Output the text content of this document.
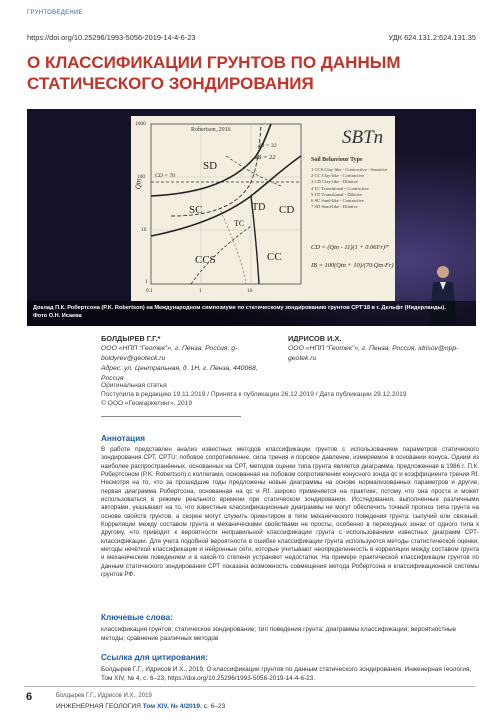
ГРУНТОВЕДЕНИЕ
https://doi.org/10.25296/1993-5056-2019-14-4-6-23	УДК 624.131.2:624.131.35
О КЛАССИФИКАЦИИ ГРУНТОВ ПО ДАННЫМ
СТАТИЧЕСКОГО ЗОНДИРОВАНИЯ
Robertson, 2016
IB = 32
IB = 22
CD = 70
Qtn
1000
100
10
1
0.1	1	10
SD
SC	TD
TC
CD
CCS	CC
SBTn
Soil Behaviour Type
1 CCS Clay-like - Contractive - Sensitive
2 CC Clay-like - Contractive
3 CD Clay-like - Dilative
4 TC Transitional - Contractive
5 TD Transitional - Dilative
6 SC Sand-like - Contractive
7 SD Sand-like - Dilative
CD = (Qtn - 11)(1 + 0.06Fr)¹⁷
IB = 100(Qtn + 10)/(70·Qtn·Fr)
Доклад П.К. Робертсона (P.K. Robertson) на Международном симпозиуме по статическому зондированию грунтов CPT'18 в г. Дельфт (Нидерланды).
Фото О.Н. Исаева
БОЛДЫРЕВ Г.Г.*
ООО «НПП “Геотек”», г. Пенза, Россия, g-boldyrev@geoteck.ru
Адрес: ул. Центральная, д. 1Н, г. Пенза, 440068, Россия
ИДРИСОВ И.Х.
ООО «НПП “Геотек”», г. Пенза, Россия, idrisov@npp-geotek.ru
Оригинальная статья
Поступила в редакцию 19.11.2019 / Принята к публикации 26.12.2019 / Дата публикации 29.12.2019
© ООО «Геомаркетинг», 2019
Аннотация
В работе представлен анализ известных методов классификации грунтов с использованием параметров статического зондирования СРТ, CPTU: лобовое сопротивление, сила трения и поровое давление, измеряемое в основании конуса. Одним из наиболее распространённых, основанных на СРТ, методов оценки типа грунта является диаграмма, предложенная в 1986 г. П.К. Робертсоном (P.K. Robertson) с коллегами, основанная на лобовом сопротивлении конусного зонда qc и коэффициенте трения Rf. Несмотря на то, что за прошедшие годы предложены новые диаграммы на основе нормализованных параметров и другие, первая диаграмма Робертсона, основанная на qc и Rf, широко применяется на практике, потому что она проста и может использоваться в режиме реального времени при статическом зондировании. Исследования, выполненные различными авторами, указывают на то, что известные классификационные диаграммы не могут обеспечить точный прогноз типа грунта на основе свойств грунтов, а скорее могут служить ориентиром в типе механического поведения грунта: сыпучий или связный. Корреляции между составом грунта и механическими свойствами не просты, особенно в переходных зонах от одного типа к другому, что приводит к вероятности неправильной классификации грунта с использованием известных диаграмм СРТ-классификации. Для учета подобной вероятности в ошибке классификации грунта используются методы статистической оценки, методы нечёткой классификации и нейронные сети, которые учитывают неопределенность в корреляции между составом грунта и механическим поведением и в какой-то степени устраняют недостатки. На примере практической классификации грунтов по данным статического зондирования СРТ показана возможность совмещения метода Робертсона и классификационной системы грунтов РФ.
Ключевые слова:
классификация грунтов; статическое зондирование; тип поведения грунта; диаграммы классификации; вероятностные методы; сравнение различных методов
Ссылка для цитирования:
Болдырев Г.Г., Идрисов И.Х., 2019. О классификации грунтов по данным статического зондирования. Инженерная геология, Том XIV, № 4, с. 6–23, https://doi.org/10.25296/1993-5056-2019-14-4-6-23.
6	Болдырев Г.Г., Идрисов И.Х., 2019
ИНЖЕНЕРНАЯ ГЕОЛОГИЯ Том XIV, № 4/2019, с. 6–23
